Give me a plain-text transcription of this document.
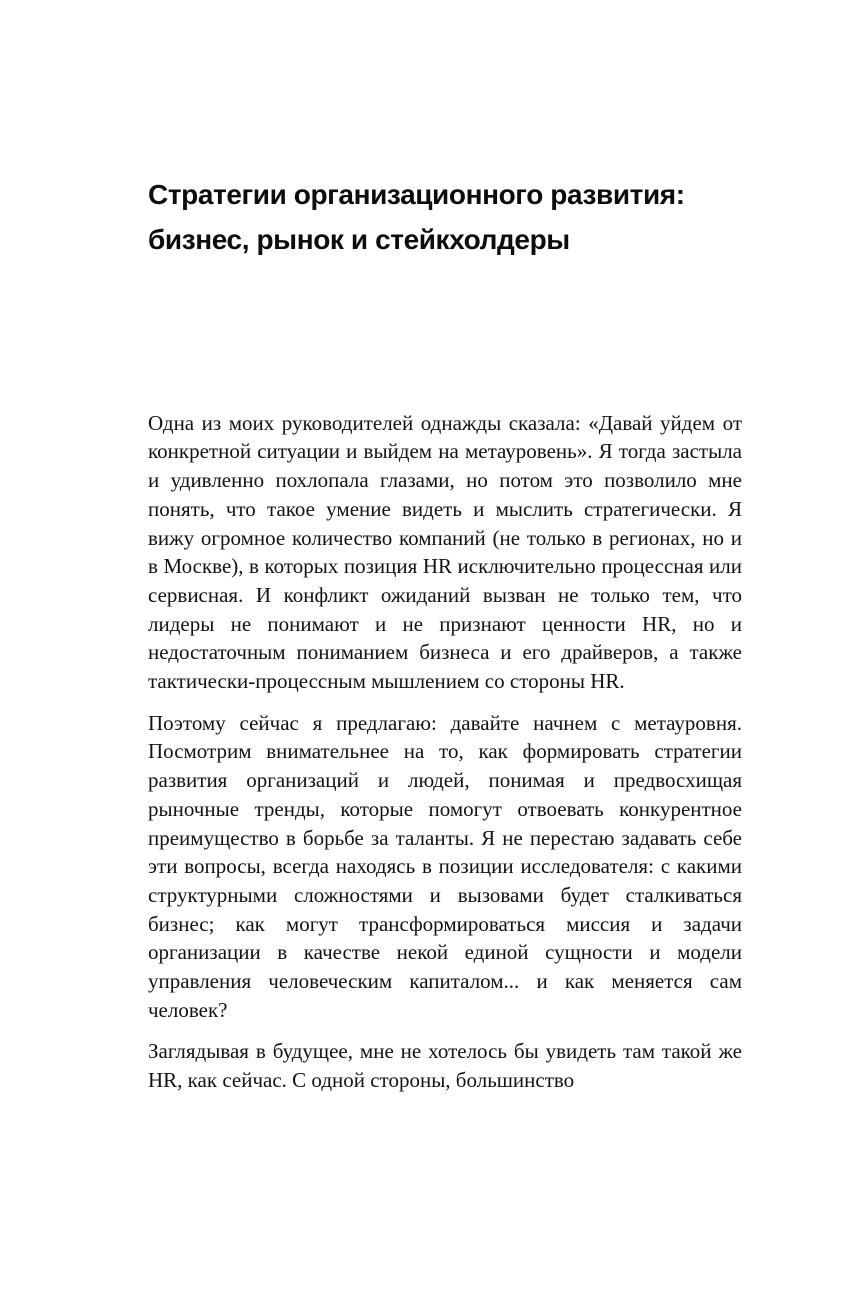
Стратегии организационного развития:
бизнес, рынок и стейкхолдеры

Одна из моих руководителей однажды сказала: «Давай уйдем от конкретной ситуации и выйдем на метауровень». Я тогда застыла и удивленно похлопала глазами, но потом это позволило мне понять, что такое умение видеть и мыслить стратегически. Я вижу огромное количество компаний (не только в регионах, но и в Москве), в которых позиция HR исключительно процессная или сервисная. И конфликт ожиданий вызван не только тем, что лидеры не понимают и не признают ценности HR, но и недостаточным пониманием бизнеса и его драйверов, а также тактически-процессным мышлением со стороны HR.

Поэтому сейчас я предлагаю: давайте начнем с метауровня. Посмотрим внимательнее на то, как формировать стратегии развития организаций и людей, понимая и предвосхищая рыночные тренды, которые помогут отвоевать конкурентное преимущество в борьбе за таланты. Я не перестаю задавать себе эти вопросы, всегда находясь в позиции исследователя: с какими структурными сложностями и вызовами будет сталкиваться бизнес; как могут трансформироваться миссия и задачи организации в качестве некой единой сущности и модели управления человеческим капиталом... и как меняется сам человек?

Заглядывая в будущее, мне не хотелось бы увидеть там такой же HR, как сейчас. С одной стороны, большинство
